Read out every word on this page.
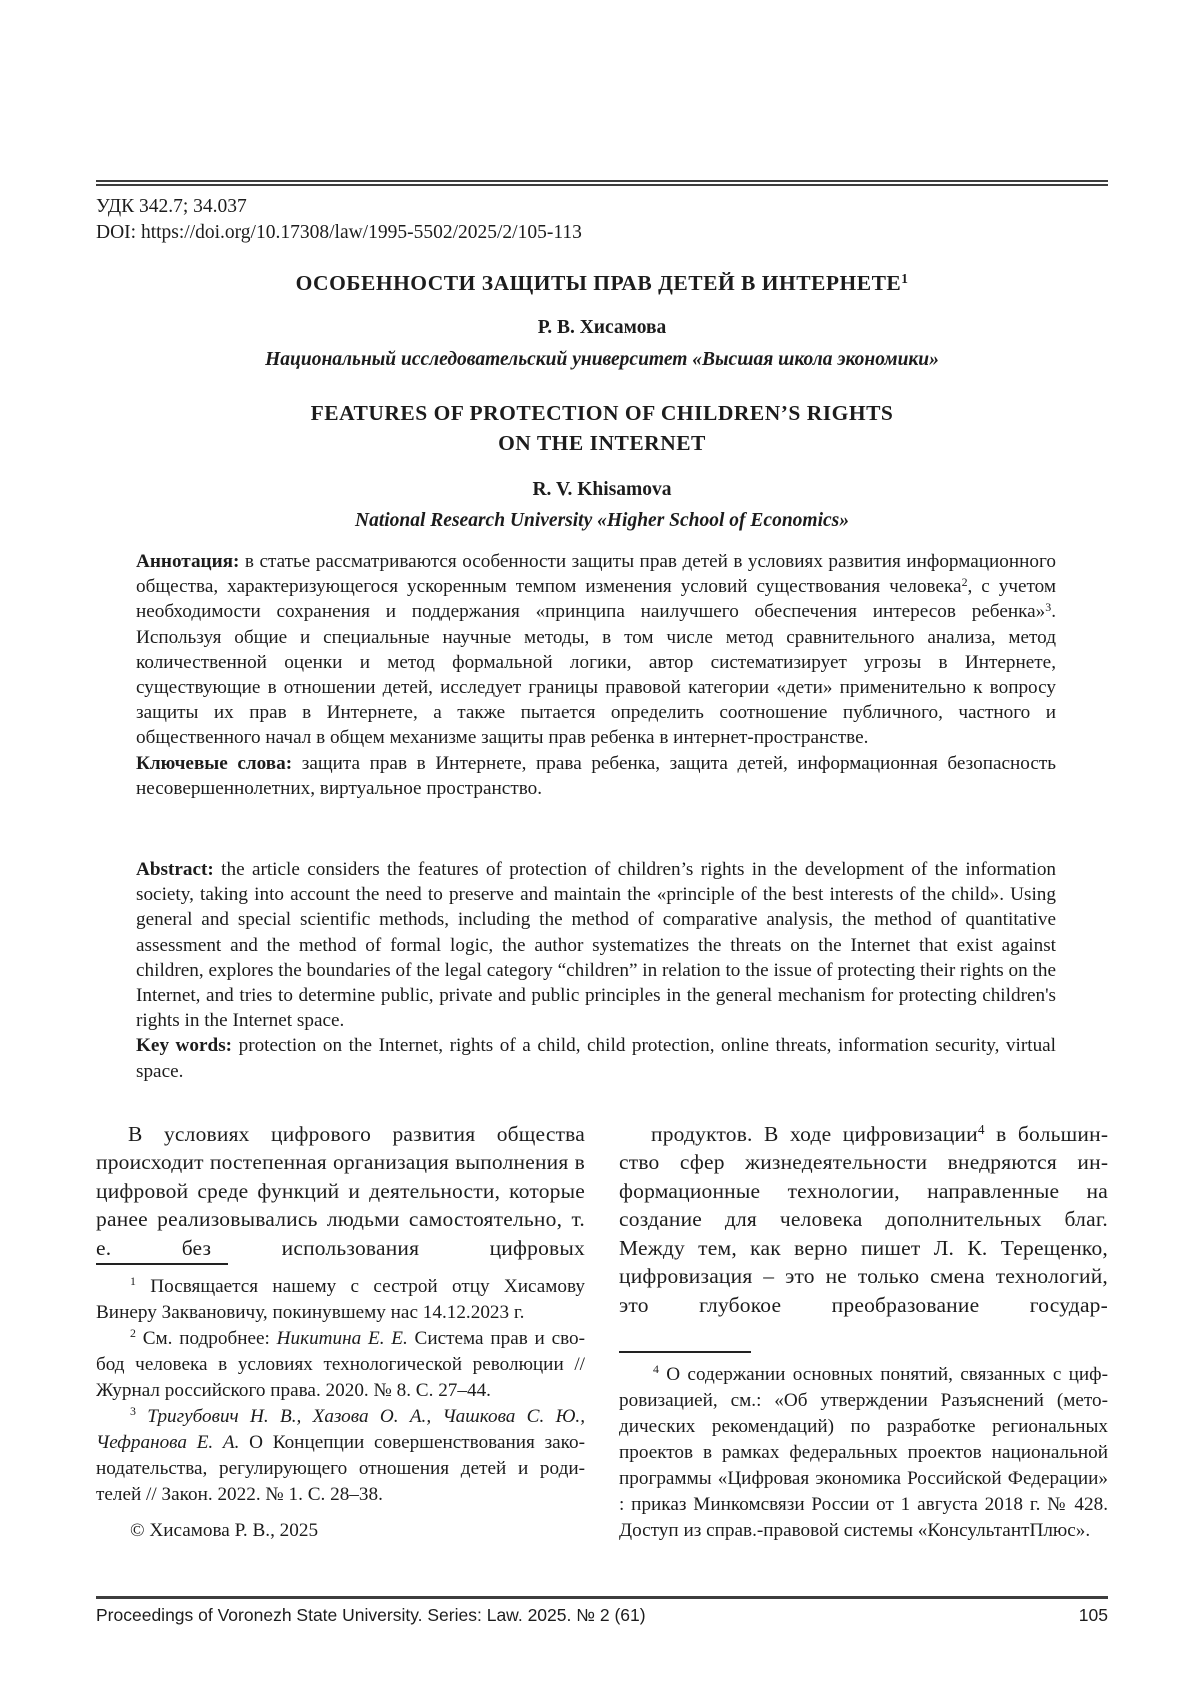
УДК 342.7; 34.037
DOI: https://doi.org/10.17308/law/1995-5502/2025/2/105-113
ОСОБЕННОСТИ ЗАЩИТЫ ПРАВ ДЕТЕЙ В ИНТЕРНЕТЕ$^1$
Р. В. Хисамова
Национальный исследовательский университет «Высшая школа экономики»
FEATURES OF PROTECTION OF CHILDREN’S RIGHTS
ON THE INTERNET
R. V. Khisamova
National Research University «Higher School of Economics»

Аннотация: в статье рассматриваются особенности защиты прав детей в условиях развития информационного общества, характеризующегося ускоренным темпом изменения условий существования человека$^2$, с учетом необходимости сохранения и поддержания «принципа наилучшего обеспечения интересов ребенка»$^3$. Используя общие и специальные научные методы, в том числе метод сравнительного анализа, метод количественной оценки и метод формальной логики, автор систематизирует угрозы в Интернете, существующие в отношении детей, исследует границы правовой категории «дети» применительно к вопросу защиты их прав в Интернете, а также пытается определить соотношение публичного, частного и общественного начал в общем механизме защиты прав ребенка в интернет-пространстве.

Ключевые слова: защита прав в Интернете, права ребенка, защита детей, информационная безопасность несовершеннолетних, виртуальное пространство.

Abstract: the article considers the features of protection of children’s rights in the development of the information society, taking into account the need to preserve and maintain the «principle of the best interests of the child». Using general and special scientific methods, including the method of comparative analysis, the method of quantitative assessment and the method of formal logic, the author systematizes the threats on the Internet that exist against children, explores the boundaries of the legal category “children” in relation to the issue of protecting their rights on the Internet, and tries to determine public, private and public principles in the general mechanism for protecting children's rights in the Internet space.

Key words: protection on the Internet, rights of a child, child protection, online threats, information security, virtual space.

В условиях цифрового развития общества происходит постепенная организация выполнения в цифровой среде функций и деятельности, которые ранее реализовывались людьми самостоятельно, т. е. без использования цифровых

$^1$ Посвящается нашему с сестрой отцу Хисамову Винеру Заквановичу, покинувшему нас 14.12.2023 г.

$^2$ См. подробнее: Никитина Е. Е. Система прав и свобод человека в условиях технологической революции // Журнал российского права. 2020. № 8. С. 27–44.

$^3$ Тригубович Н. В., Хазова О. А., Чашкова С. Ю., Чефранова Е. А. О Концепции совершенствования законодательства, регулирующего отношения детей и родителей // Закон. 2022. № 1. С. 28–38.

© Хисамова Р. В., 2025

продуктов. В ходе цифровизации$^4$ в большинство сфер жизнедеятельности внедряются информационные технологии, направленные на создание для человека дополнительных благ. Между тем, как верно пишет Л. К. Терещенко, цифровизация – это не только смена технологий, это глубокое преобразование государ-

$^4$ О содержании основных понятий, связанных с цифровизацией, см.: «Об утверждении Разъяснений (методических рекомендаций) по разработке региональных проектов в рамках федеральных проектов национальной программы «Цифровая экономика Российской Федерации» : приказ Минкомсвязи России от 1 августа 2018 г. № 428. Доступ из справ.-правовой системы «КонсультантПлюс».

Proceedings of Voronezh State University. Series: Law. 2025. № 2 (61)	105
